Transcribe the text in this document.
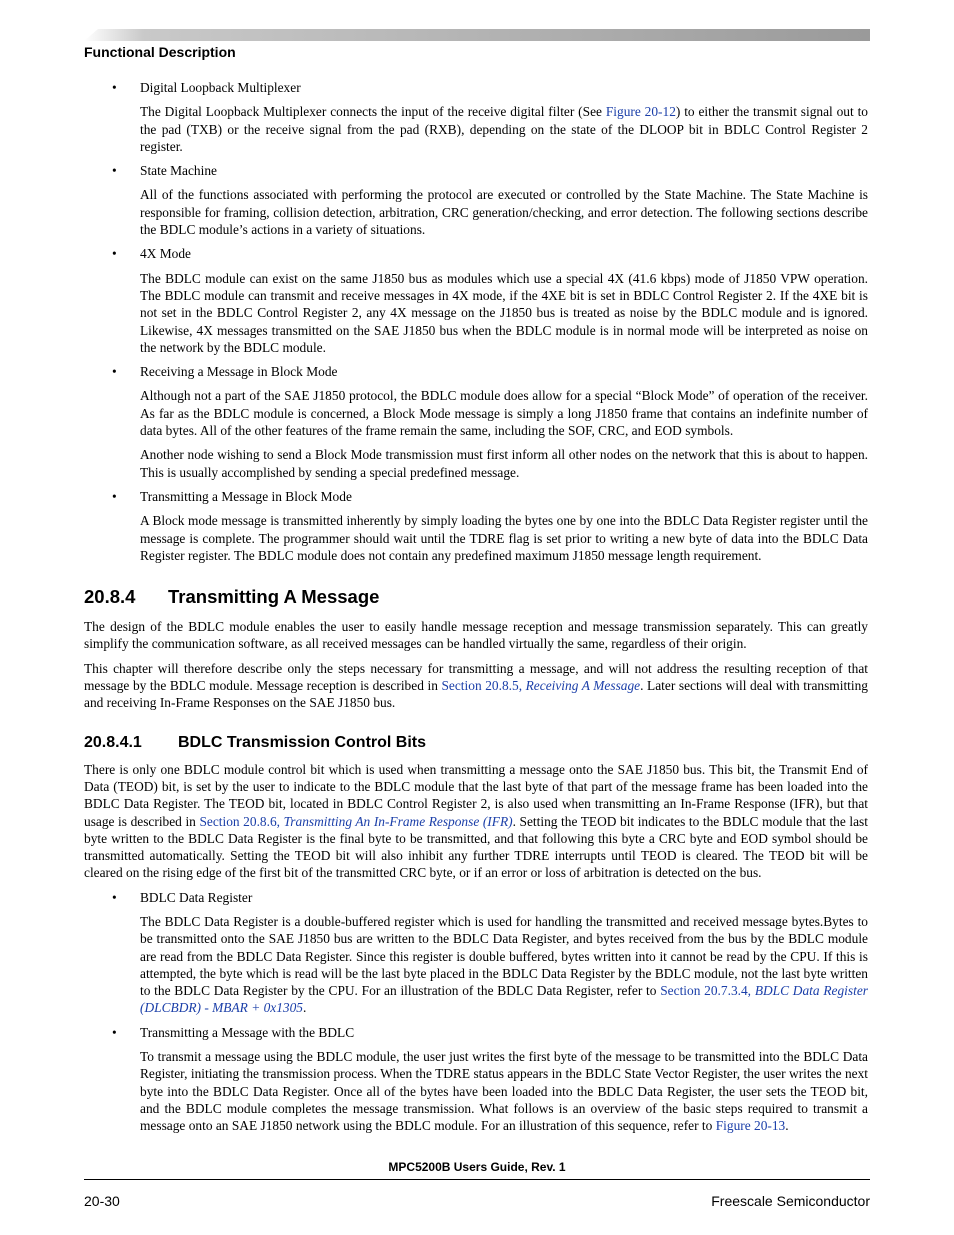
Functional Description
• Digital Loopback Multiplexer

The Digital Loopback Multiplexer connects the input of the receive digital filter (See Figure 20-12) to either the transmit signal out to the pad (TXB) or the receive signal from the pad (RXB), depending on the state of the DLOOP bit in BDLC Control Register 2 register.

• State Machine

All of the functions associated with performing the protocol are executed or controlled by the State Machine. The State Machine is responsible for framing, collision detection, arbitration, CRC generation/checking, and error detection. The following sections describe the BDLC module’s actions in a variety of situations.

• 4X Mode

The BDLC module can exist on the same J1850 bus as modules which use a special 4X (41.6 kbps) mode of J1850 VPW operation. The BDLC module can transmit and receive messages in 4X mode, if the 4XE bit is set in BDLC Control Register 2. If the 4XE bit is not set in the BDLC Control Register 2, any 4X message on the J1850 bus is treated as noise by the BDLC module and is ignored. Likewise, 4X messages transmitted on the SAE J1850 bus when the BDLC module is in normal mode will be interpreted as noise on the network by the BDLC module.

• Receiving a Message in Block Mode

Although not a part of the SAE J1850 protocol, the BDLC module does allow for a special “Block Mode” of operation of the receiver. As far as the BDLC module is concerned, a Block Mode message is simply a long J1850 frame that contains an indefinite number of data bytes. All of the other features of the frame remain the same, including the SOF, CRC, and EOD symbols.

Another node wishing to send a Block Mode transmission must first inform all other nodes on the network that this is about to happen. This is usually accomplished by sending a special predefined message.

• Transmitting a Message in Block Mode

A Block mode message is transmitted inherently by simply loading the bytes one by one into the BDLC Data Register register until the message is complete. The programmer should wait until the TDRE flag is set prior to writing a new byte of data into the BDLC Data Register register. The BDLC module does not contain any predefined maximum J1850 message length requirement.

20.8.4 Transmitting A Message

The design of the BDLC module enables the user to easily handle message reception and message transmission separately. This can greatly simplify the communication software, as all received messages can be handled virtually the same, regardless of their origin.

This chapter will therefore describe only the steps necessary for transmitting a message, and will not address the resulting reception of that message by the BDLC module. Message reception is described in Section 20.8.5, Receiving A Message. Later sections will deal with transmitting and receiving In-Frame Responses on the SAE J1850 bus.

20.8.4.1 BDLC Transmission Control Bits

There is only one BDLC module control bit which is used when transmitting a message onto the SAE J1850 bus. This bit, the Transmit End of Data (TEOD) bit, is set by the user to indicate to the BDLC module that the last byte of that part of the message frame has been loaded into the BDLC Data Register. The TEOD bit, located in BDLC Control Register 2, is also used when transmitting an In-Frame Response (IFR), but that usage is described in Section 20.8.6, Transmitting An In-Frame Response (IFR). Setting the TEOD bit indicates to the BDLC module that the last byte written to the BDLC Data Register is the final byte to be transmitted, and that following this byte a CRC byte and EOD symbol should be transmitted automatically. Setting the TEOD bit will also inhibit any further TDRE interrupts until TEOD is cleared. The TEOD bit will be cleared on the rising edge of the first bit of the transmitted CRC byte, or if an error or loss of arbitration is detected on the bus.

• BDLC Data Register

The BDLC Data Register is a double-buffered register which is used for handling the transmitted and received message bytes.Bytes to be transmitted onto the SAE J1850 bus are written to the BDLC Data Register, and bytes received from the bus by the BDLC module are read from the BDLC Data Register. Since this register is double buffered, bytes written into it cannot be read by the CPU. If this is attempted, the byte which is read will be the last byte placed in the BDLC Data Register by the BDLC module, not the last byte written to the BDLC Data Register by the CPU. For an illustration of the BDLC Data Register, refer to Section 20.7.3.4, BDLC Data Register (DLCBDR) - MBAR + 0x1305.

• Transmitting a Message with the BDLC

To transmit a message using the BDLC module, the user just writes the first byte of the message to be transmitted into the BDLC Data Register, initiating the transmission process. When the TDRE status appears in the BDLC State Vector Register, the user writes the next byte into the BDLC Data Register. Once all of the bytes have been loaded into the BDLC Data Register, the user sets the TEOD bit, and the BDLC module completes the message transmission. What follows is an overview of the basic steps required to transmit a message onto an SAE J1850 network using the BDLC module. For an illustration of this sequence, refer to Figure 20-13.

MPC5200B Users Guide, Rev. 1
20-30	Freescale Semiconductor
